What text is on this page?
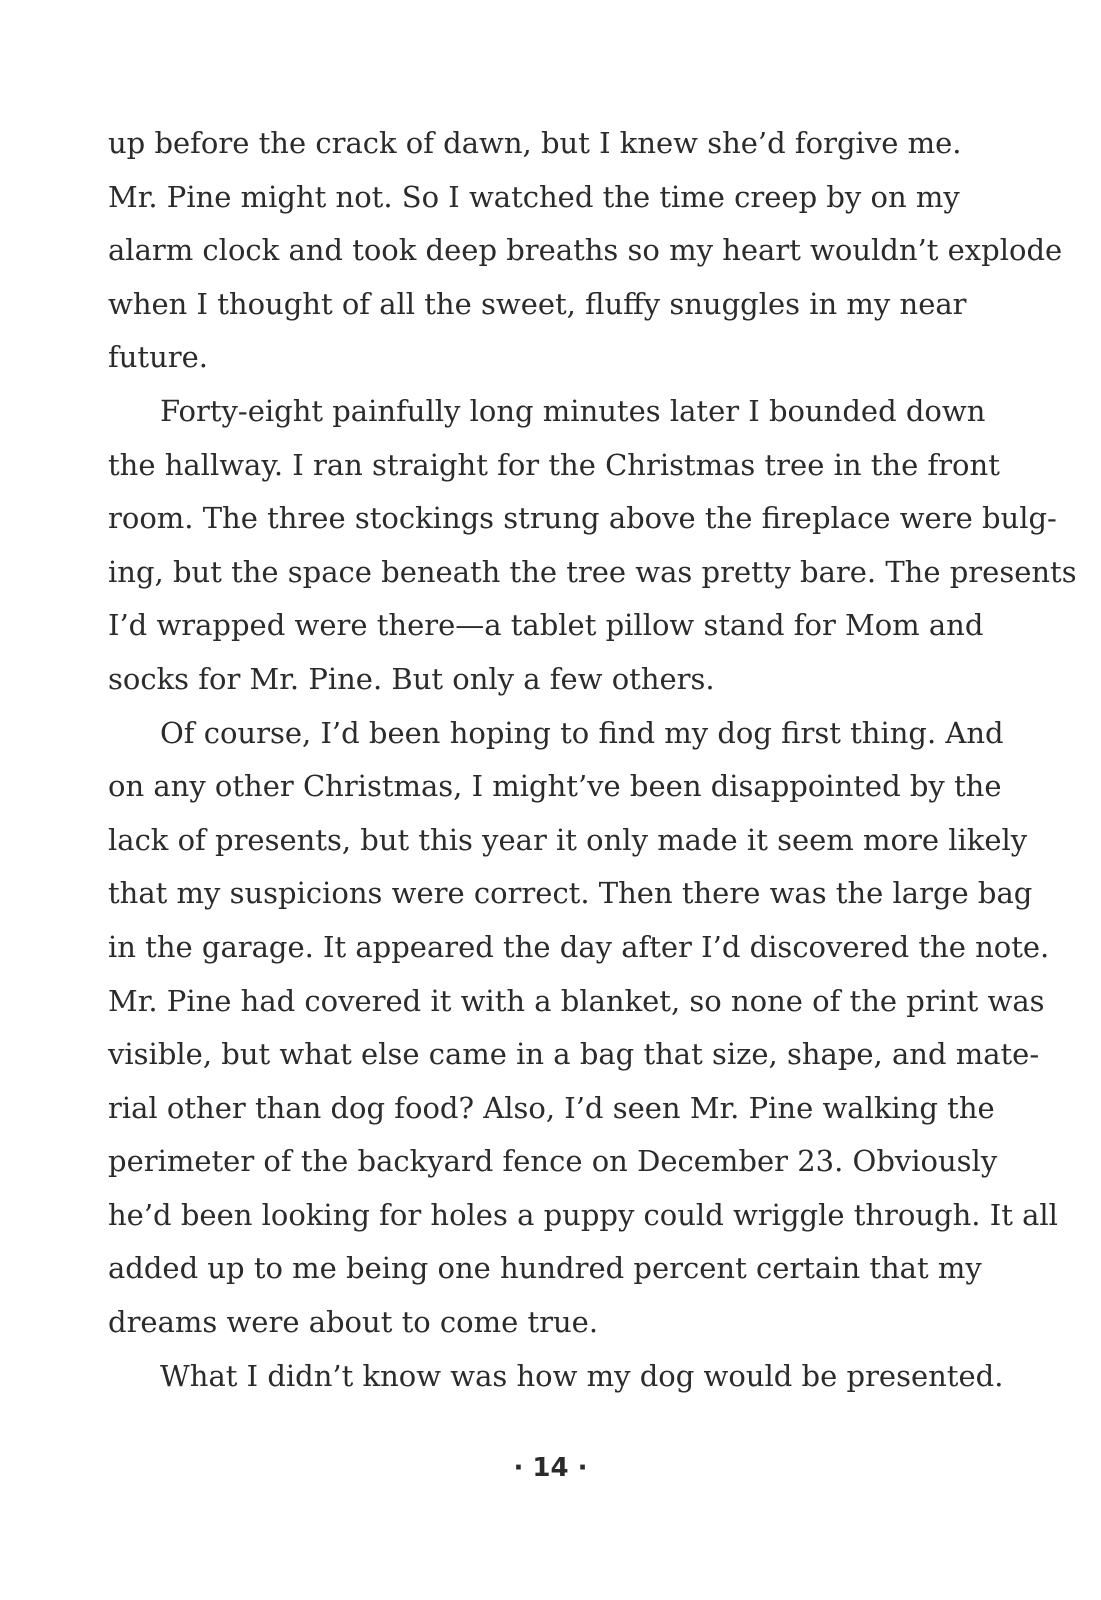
up before the crack of dawn, but I knew she’d forgive me.
Mr. Pine might not. So I watched the time creep by on my
alarm clock and took deep breaths so my heart wouldn’t explode
when I thought of all the sweet, fluffy snuggles in my near
future.
Forty-eight painfully long minutes later I bounded down
the hallway. I ran straight for the Christmas tree in the front
room. The three stockings strung above the fireplace were bulg-
ing, but the space beneath the tree was pretty bare. The presents
I’d wrapped were there—a tablet pillow stand for Mom and
socks for Mr. Pine. But only a few others.
Of course, I’d been hoping to find my dog first thing. And
on any other Christmas, I might’ve been disappointed by the
lack of presents, but this year it only made it seem more likely
that my suspicions were correct. Then there was the large bag
in the garage. It appeared the day after I’d discovered the note.
Mr. Pine had covered it with a blanket, so none of the print was
visible, but what else came in a bag that size, shape, and mate-
rial other than dog food? Also, I’d seen Mr. Pine walking the
perimeter of the backyard fence on December 23. Obviously
he’d been looking for holes a puppy could wriggle through. It all
added up to me being one hundred percent certain that my
dreams were about to come true.
What I didn’t know was how my dog would be presented.
· 14 ·
